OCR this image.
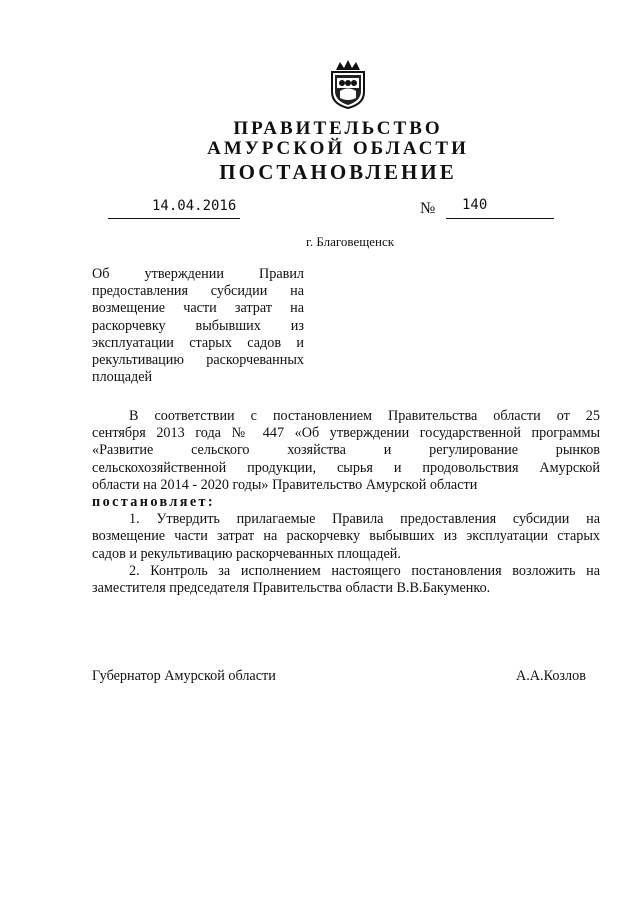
ПРАВИТЕЛЬСТВО
АМУРСКОЙ ОБЛАСТИ
ПОСТАНОВЛЕНИЕ
14.04.2016	№ 140
г. Благовещенск
Об утверждении Правил
предоставления субсидии на
возмещение части затрат на
раскорчевку выбывших из
эксплуатации старых садов и
рекультивацию раскорчеванных
площадей
В соответствии с постановлением Правительства области от 25
сентября 2013 года № 447 «Об утверждении государственной программы
«Развитие сельского хозяйства и регулирование рынков
сельскохозяйственной продукции, сырья и продовольствия Амурской
области на 2014 - 2020 годы» Правительство Амурской области
постановляет:
1. Утвердить прилагаемые Правила предоставления субсидии на
возмещение части затрат на раскорчевку выбывших из эксплуатации старых
садов и рекультивацию раскорчеванных площадей.
2. Контроль за исполнением настоящего постановления возложить на
заместителя председателя Правительства области В.В.Бакуменко.
Губернатор Амурской области	А.А.Козлов
